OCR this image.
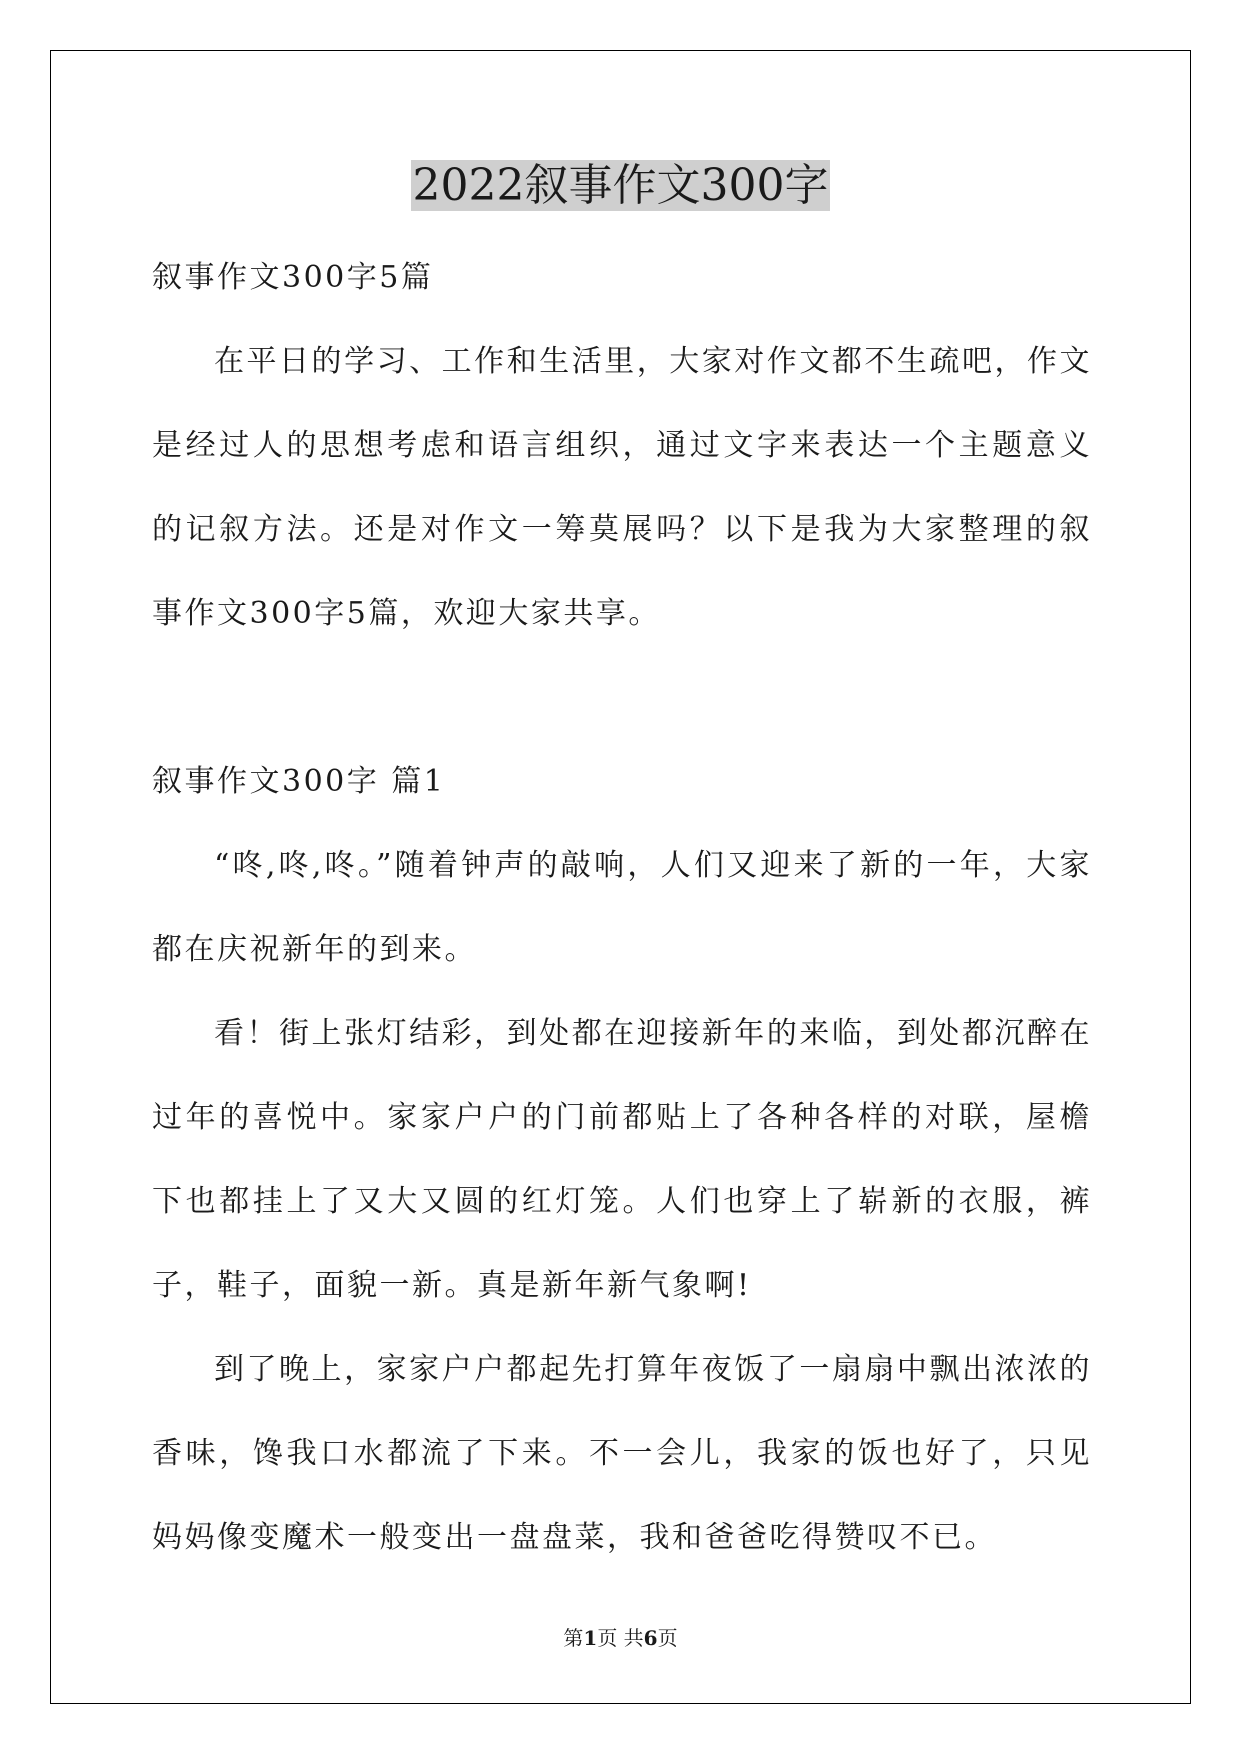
2022叙事作文300字
叙事作文300字5篇

在平日的学习、工作和生活里，大家对作文都不生疏吧，作文是经过人的思想考虑和语言组织，通过文字来表达一个主题意义的记叙方法。还是对作文一筹莫展吗？以下是我为大家整理的叙事作文300字5篇，欢迎大家共享。

叙事作文300字 篇1

“咚,咚,咚。”随着钟声的敲响，人们又迎来了新的一年，大家都在庆祝新年的到来。

看！街上张灯结彩，到处都在迎接新年的来临，到处都沉醉在过年的喜悦中。家家户户的门前都贴上了各种各样的对联，屋檐下也都挂上了又大又圆的红灯笼。人们也穿上了崭新的衣服，裤子，鞋子，面貌一新。真是新年新气象啊!

到了晚上，家家户户都起先打算年夜饭了一扇扇中飘出浓浓的香味，馋我口水都流了下来。不一会儿，我家的饭也好了，只见妈妈像变魔术一般变出一盘盘菜，我和爸爸吃得赞叹不已。

第1页 共6页
